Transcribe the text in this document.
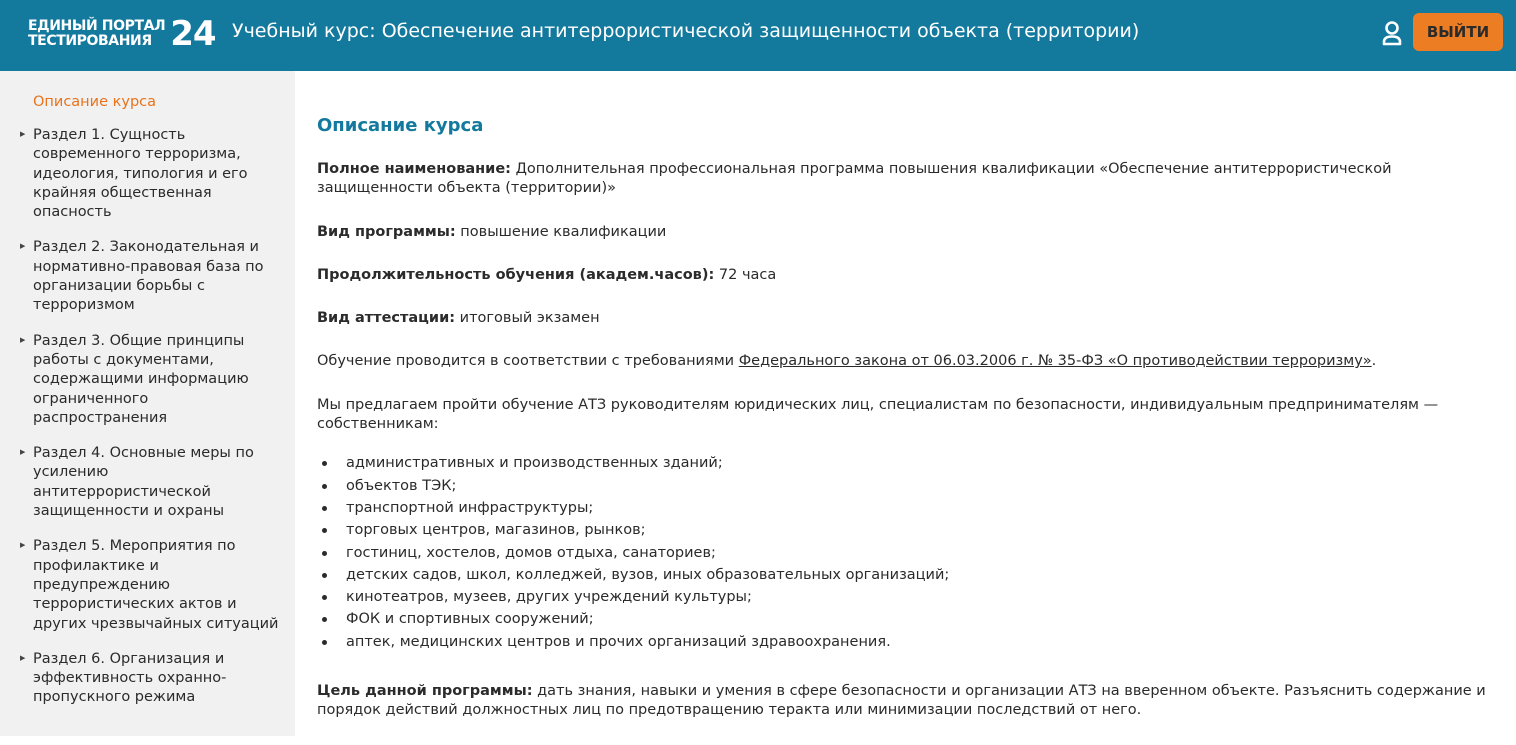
ЕДИНЫЙ ПОРТАЛ
ТЕСТИРОВАНИЯ 24 Учебный курс: Обеспечение антитеррористической защищенности объекта (территории)	ВЫЙТИ
Описание курса
▶ Раздел 1. Сущность современного терроризма, идеология, типология и его крайняя общественная опасность
▶ Раздел 2. Законодательная и нормативно-правовая база по организации борьбы с терроризмом
▶ Раздел 3. Общие принципы работы с документами, содержащими информацию ограниченного распространения
▶ Раздел 4. Основные меры по усилению антитеррористической защищенности и охраны
▶ Раздел 5. Мероприятия по профилактике и предупреждению террористических актов и других чрезвычайных ситуаций
▶ Раздел 6. Организация и эффективность охранно-пропускного режима
Описание курса

Полное наименование: Дополнительная профессиональная программа повышения квалификации «Обеспечение антитеррористической защищенности объекта (территории)»

Вид программы: повышение квалификации

Продолжительность обучения (академ.часов): 72 часа

Вид аттестации: итоговый экзамен

Обучение проводится в соответствии с требованиями Федерального закона от 06.03.2006 г. № 35-ФЗ «О противодействии терроризму».

Мы предлагаем пройти обучение АТЗ руководителям юридических лиц, специалистам по безопасности, индивидуальным предпринимателям — собственникам:

административных и производственных зданий;
объектов ТЭК;
транспортной инфраструктуры;
торговых центров, магазинов, рынков;
гостиниц, хостелов, домов отдыха, санаториев;
детских садов, школ, колледжей, вузов, иных образовательных организаций;
кинотеатров, музеев, других учреждений культуры;
ФОК и спортивных сооружений;
аптек, медицинских центров и прочих организаций здравоохранения.

Цель данной программы: дать знания, навыки и умения в сфере безопасности и организации АТЗ на вверенном объекте. Разъяснить содержание и порядок действий должностных лиц по предотвращению теракта или минимизации последствий от него.
